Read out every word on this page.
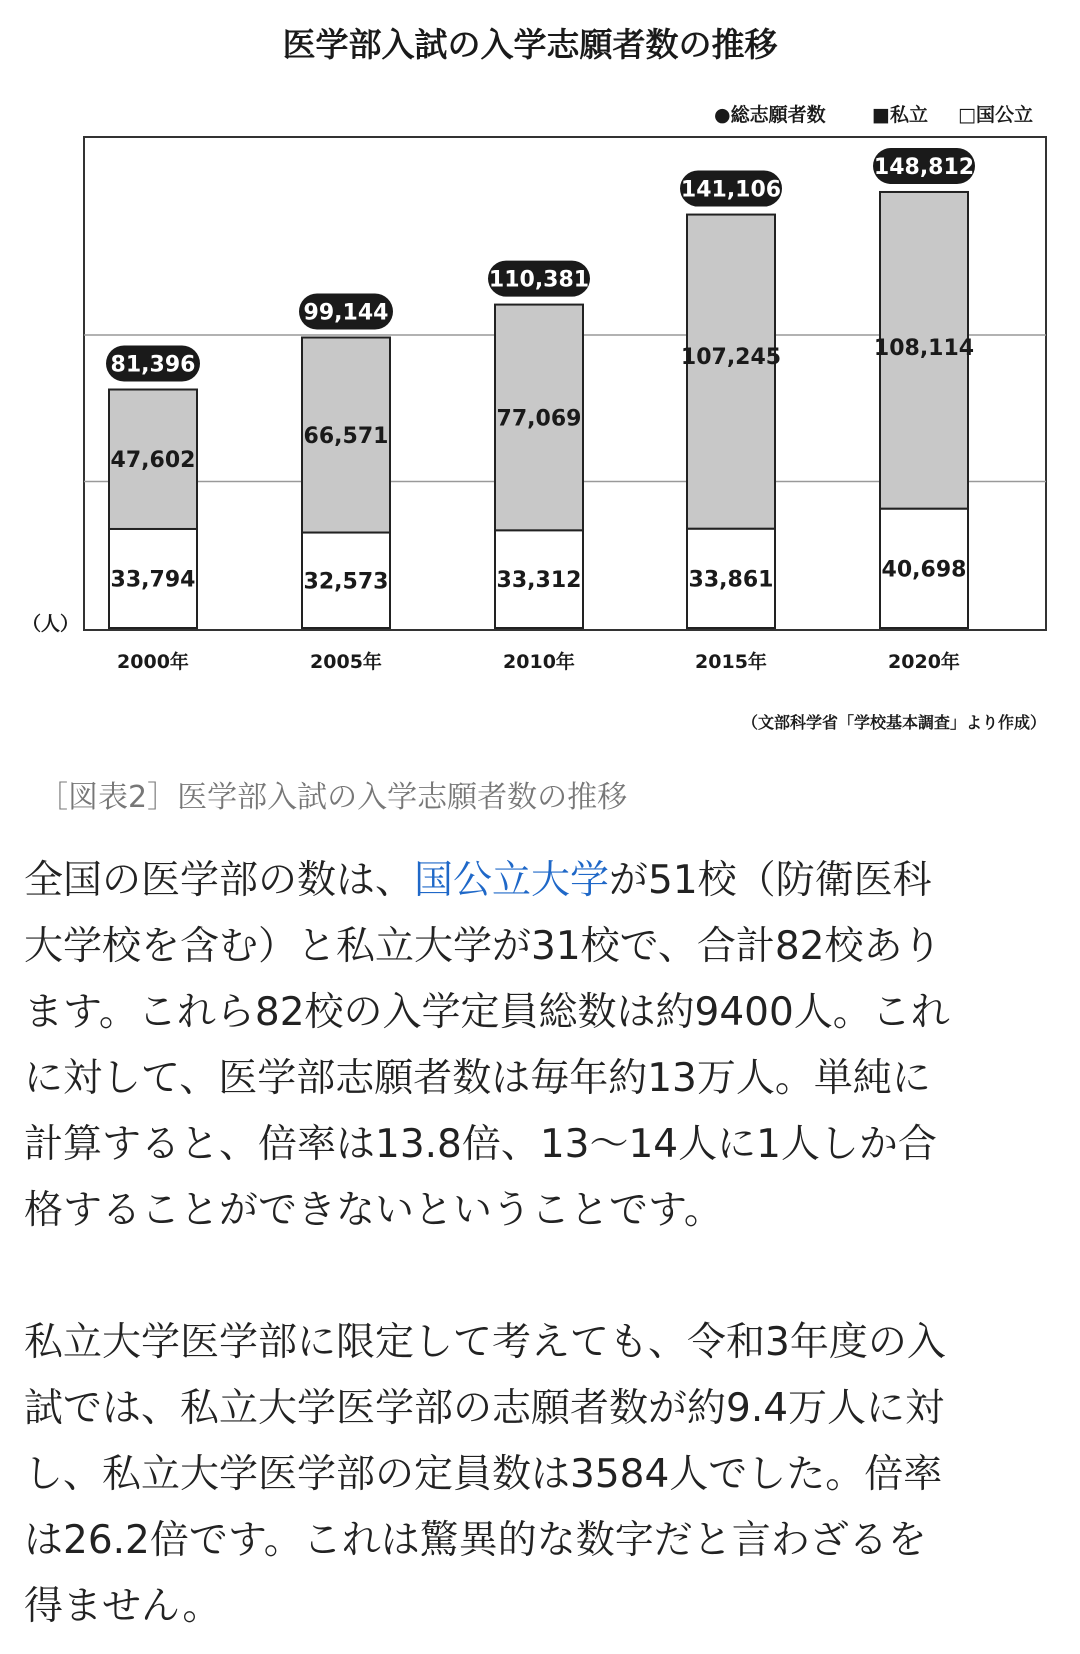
医学部入試の入学志願者数の推移
●総志願者数 ■私立 □国公立
33,794
47,602
81,396
32,573
66,571
99,144
33,312
77,069
110,381
33,861
107,245
141,106
40,698
108,114
148,812
2000年	2005年	2010年	2015年	2020年
（人）
（文部科学省「学校基本調査」より作成）
［図表2］医学部入試の入学志願者数の推移

全国の医学部の数は、国公立大学が51校（防衛医科
大学校を含む）と私立大学が31校で、合計82校あり
ます。これら82校の入学定員総数は約9400人。これ
に対して、医学部志願者数は毎年約13万人。単純に
計算すると、倍率は13.8倍、13〜14人に1人しか合
格することができないということです。

私立大学医学部に限定して考えても、令和3年度の入
試では、私立大学医学部の志願者数が約9.4万人に対
し、私立大学医学部の定員数は3584人でした。倍率
は26.2倍です。これは驚異的な数字だと言わざるを
得ません。
